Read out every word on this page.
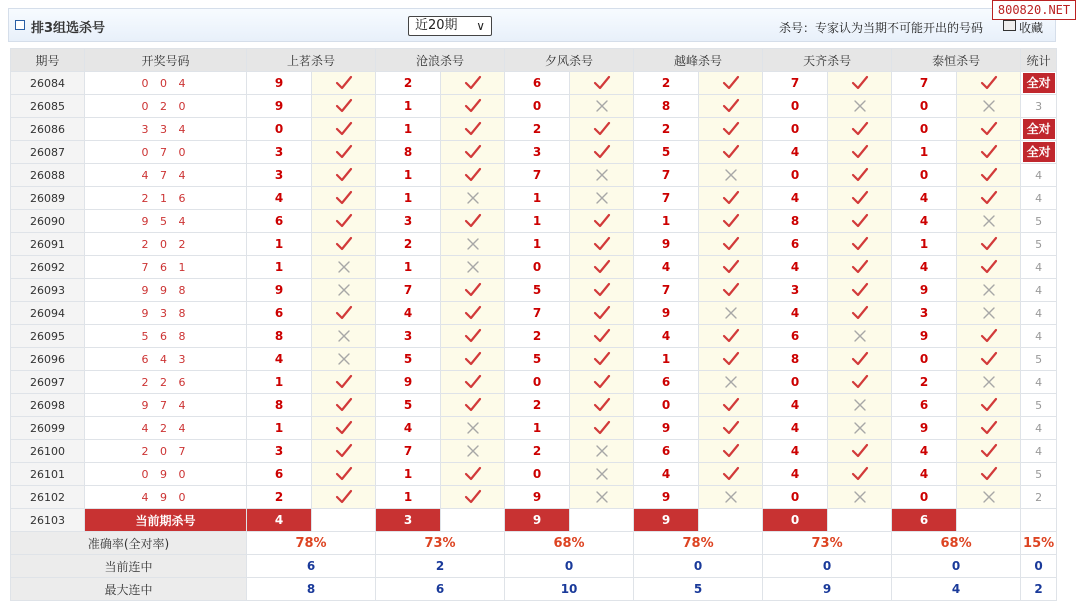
排3组选杀号	近20期 ∨	杀号：专家认为当期不可能开出的号码	收藏
800820.NET
期号	开奖号码	上茗杀号		沧浪杀号		夕风杀号		越峰杀号		天齐杀号		泰恒杀号		统计
26084	0 0 4	9		2		6		2		7		7		全对
26085	0 2 0	9		1		0		8		0		0		3
26086	3 3 4	0		1		2		2		0		0		全对
26087	0 7 0	3		8		3		5		4		1		全对
26088	4 7 4	3		1		7		7		0		0		4
26089	2 1 6	4		1		1		7		4		4		4
26090	9 5 4	6		3		1		1		8		4		5
26091	2 0 2	1		2		1		9		6		1		5
26092	7 6 1	1		1		0		4		4		4		4
26093	9 9 8	9		7		5		7		3		9		4
26094	9 3 8	6		4		7		9		4		3		4
26095	5 6 8	8		3		2		4		6		9		4
26096	6 4 3	4		5		5		1		8		0		5
26097	2 2 6	1		9		0		6		0		2		4
26098	9 7 4	8		5		2		0		4		6		5
26099	4 2 4	1		4		1		9		4		9		4
26100	2 0 7	3		7		2		6		4		4		4
26101	0 9 0	6		1		0		4		4		4		5
26102	4 9 0	2		1		9		9		0		0		2
26103	当前期杀号	4		3		9		9		0		6		
准确率(全对率)		78%		73%		68%		78%		73%		68%		15%
当前连中		6		2		0		0		0		0		0
最大连中		8		6		10		5		9		4		2
